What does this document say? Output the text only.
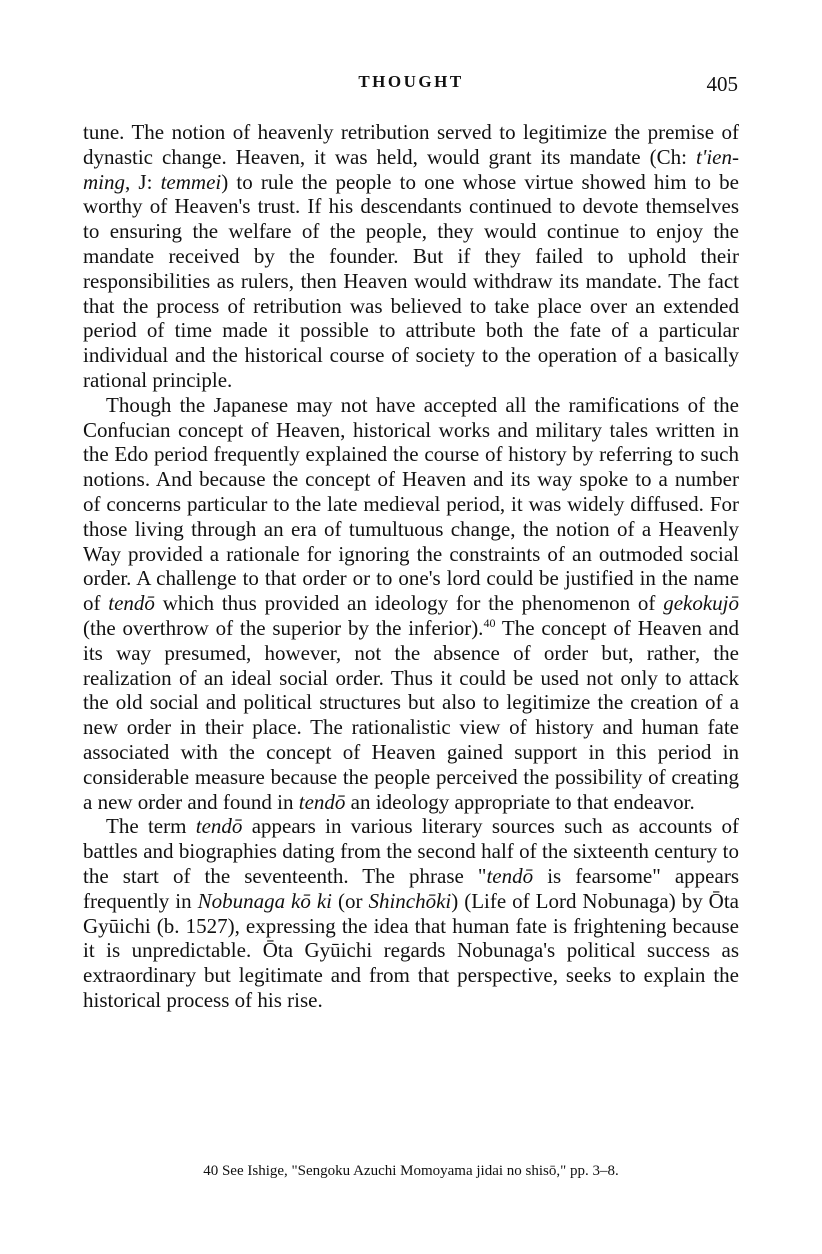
THOUGHT	405

tune. The notion of heavenly retribution served to legitimize the premise of dynastic change. Heaven, it was held, would grant its mandate (Ch: t'ien-ming, J: temmei) to rule the people to one whose virtue showed him to be worthy of Heaven's trust. If his descendants continued to devote themselves to ensuring the welfare of the people, they would continue to enjoy the mandate received by the founder. But if they failed to uphold their responsibilities as rulers, then Heaven would withdraw its mandate. The fact that the process of retribution was believed to take place over an extended period of time made it possible to attribute both the fate of a particular individual and the historical course of society to the operation of a basically rational principle.

Though the Japanese may not have accepted all the ramifications of the Confucian concept of Heaven, historical works and military tales written in the Edo period frequently explained the course of history by referring to such notions. And because the concept of Heaven and its way spoke to a number of concerns particular to the late medieval period, it was widely diffused. For those living through an era of tumultuous change, the notion of a Heavenly Way provided a rationale for ignoring the constraints of an outmoded social order. A challenge to that order or to one's lord could be justified in the name of tendō which thus provided an ideology for the phenomenon of gekokujō (the overthrow of the superior by the inferior).$^{40}$ The concept of Heaven and its way presumed, however, not the absence of order but, rather, the realization of an ideal social order. Thus it could be used not only to attack the old social and political structures but also to legitimize the creation of a new order in their place. The rationalistic view of history and human fate associated with the concept of Heaven gained support in this period in considerable measure because the people perceived the possibility of creating a new order and found in tendō an ideology appropriate to that endeavor.

The term tendō appears in various literary sources such as accounts of battles and biographies dating from the second half of the sixteenth century to the start of the seventeenth. The phrase "tendō is fearsome" appears frequently in Nobunaga kō ki (or Shinchōki) (Life of Lord Nobunaga) by Ōta Gyūichi (b. 1527), expressing the idea that human fate is frightening because it is unpredictable. Ōta Gyūichi regards Nobunaga's political success as extraordinary but legitimate and from that perspective, seeks to explain the historical process of his rise.

40 See Ishige, "Sengoku Azuchi Momoyama jidai no shisō," pp. 3–8.
